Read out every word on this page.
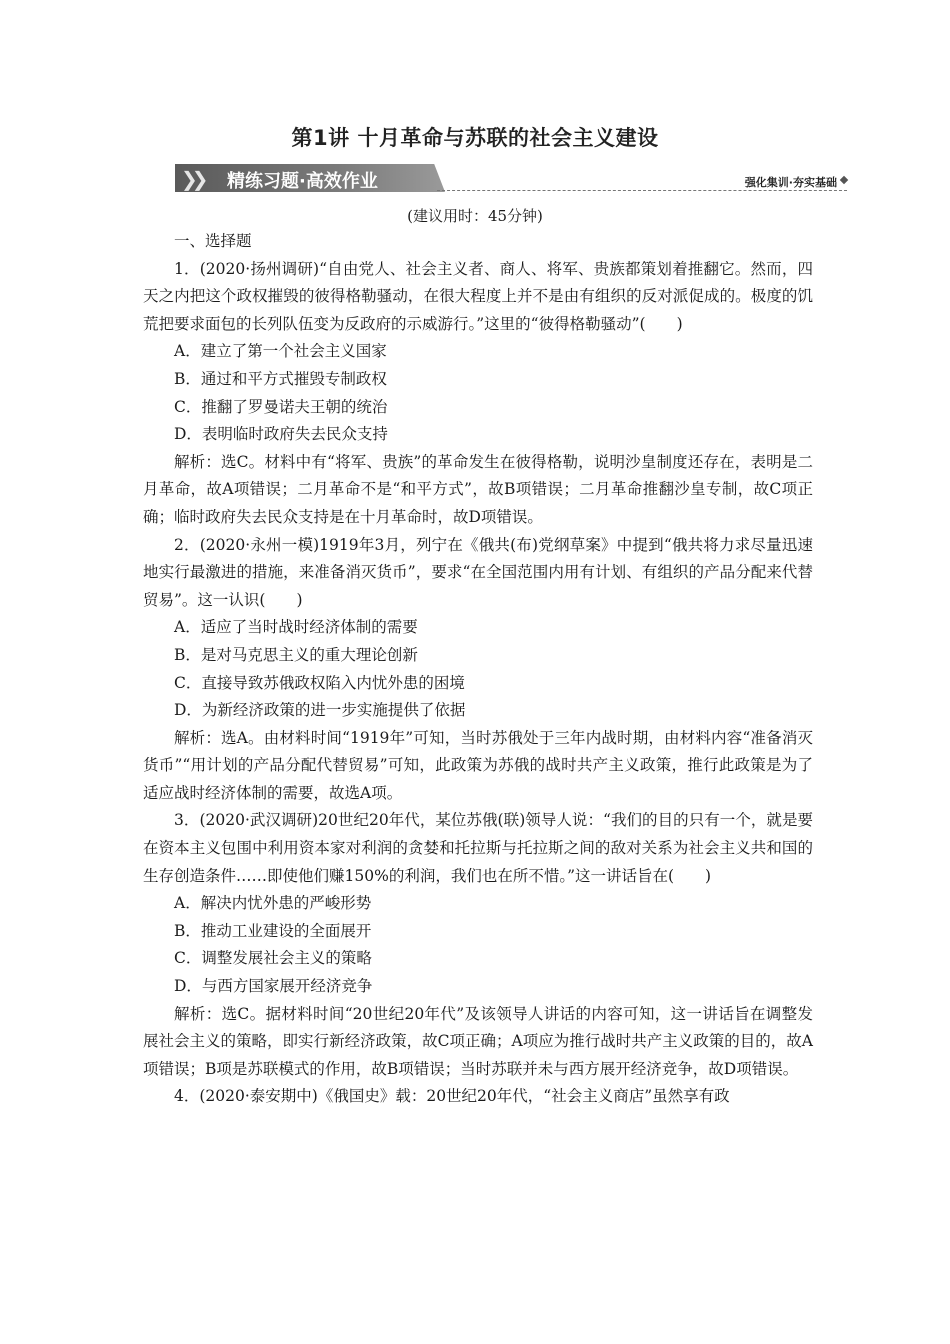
第1讲 十月革命与苏联的社会主义建设
❯❯ 精练习题·高效作业	强化集训·夯实基础
(建议用时：45分钟)

一、选择题

1．(2020·扬州调研)“自由党人、社会主义者、商人、将军、贵族都策划着推翻它。然而，四天之内把这个政权摧毁的彼得格勒骚动，在很大程度上并不是由有组织的反对派促成的。极度的饥荒把要求面包的长列队伍变为反政府的示威游行。”这里的“彼得格勒骚动”(　　)

A．建立了第一个社会主义国家

B．通过和平方式摧毁专制政权

C．推翻了罗曼诺夫王朝的统治

D．表明临时政府失去民众支持

解析：选C。材料中有“将军、贵族”的革命发生在彼得格勒，说明沙皇制度还存在，表明是二月革命，故A项错误；二月革命不是“和平方式”，故B项错误；二月革命推翻沙皇专制，故C项正确；临时政府失去民众支持是在十月革命时，故D项错误。

2．(2020·永州一模)1919年3月，列宁在《俄共(布)党纲草案》中提到“俄共将力求尽量迅速地实行最激进的措施，来准备消灭货币”，要求“在全国范围内用有计划、有组织的产品分配来代替贸易”。这一认识(　　)

A．适应了当时战时经济体制的需要

B．是对马克思主义的重大理论创新

C．直接导致苏俄政权陷入内忧外患的困境

D．为新经济政策的进一步实施提供了依据

解析：选A。由材料时间“1919年”可知，当时苏俄处于三年内战时期，由材料内容“准备消灭货币”“用计划的产品分配代替贸易”可知，此政策为苏俄的战时共产主义政策，推行此政策是为了适应战时经济体制的需要，故选A项。

3．(2020·武汉调研)20世纪20年代，某位苏俄(联)领导人说：“我们的目的只有一个，就是要在资本主义包围中利用资本家对利润的贪婪和托拉斯与托拉斯之间的敌对关系为社会主义共和国的生存创造条件……即使他们赚150%的利润，我们也在所不惜。”这一讲话旨在(　　)

A．解决内忧外患的严峻形势

B．推动工业建设的全面展开

C．调整发展社会主义的策略

D．与西方国家展开经济竞争

解析：选C。据材料时间“20世纪20年代”及该领导人讲话的内容可知，这一讲话旨在调整发展社会主义的策略，即实行新经济政策，故C项正确；A项应为推行战时共产主义政策的目的，故A项错误；B项是苏联模式的作用，故B项错误；当时苏联并未与西方展开经济竞争，故D项错误。

4．(2020·泰安期中)《俄国史》载：20世纪20年代，“社会主义商店”虽然享有政
